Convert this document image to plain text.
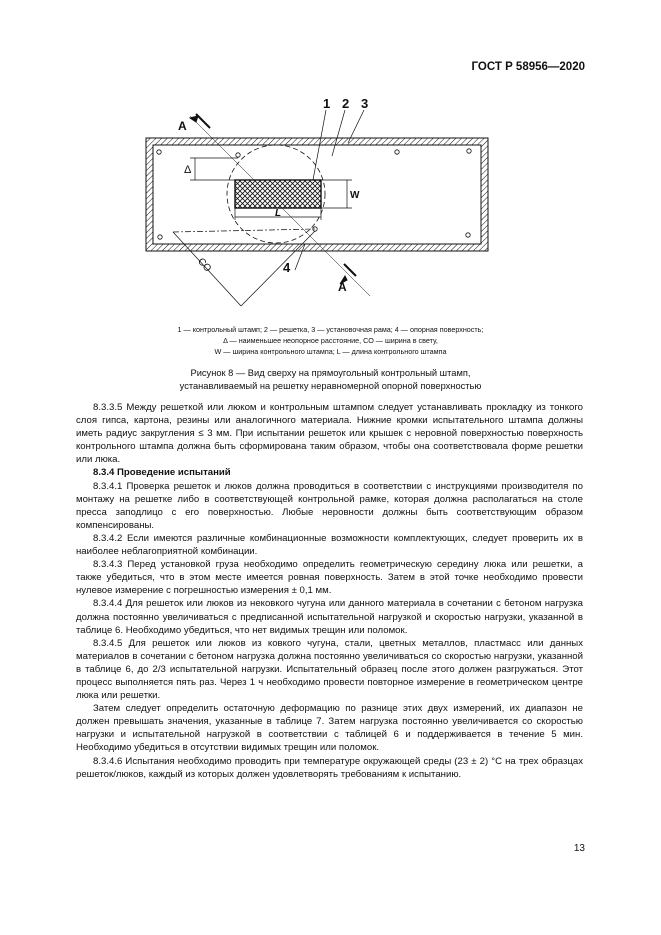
ГОСТ Р 58956—2020
1 2 3
4
А
А
Δ
W
L
СО
1 — контрольный штамп; 2 — решетка, 3 — установочная рама; 4 — опорная поверхность;
Δ — наименьшее неопорное расстояние, СО — ширина в свету,
W — ширина контрольного штампа; L — длина контрольного штампа
Рисунок 8 — Вид сверху на прямоугольный контрольный штамп,
устанавливаемый на решетку неравномерной опорной поверхностью

8.3.3.5 Между решеткой или люком и контрольным штампом следует устанавливать прокладку из тонкого слоя гипса, картона, резины или аналогичного материала. Нижние кромки испытательного штампа должны иметь радиус закругления ≤ 3 мм. При испытании решеток или крышек с неровной поверхностью поверхность контрольного штампа должна быть сформирована таким образом, чтобы она соответствовала форме решетки или люка.

8.3.4 Проведение испытаний

8.3.4.1 Проверка решеток и люков должна проводиться в соответствии с инструкциями производителя по монтажу на решетке либо в соответствующей контрольной рамке, которая должна располагаться на столе пресса заподлицо с его поверхностью. Любые неровности должны быть соответствующим образом компенсированы.

8.3.4.2 Если имеются различные комбинационные возможности комплектующих, следует проверить их в наиболее неблагоприятной комбинации.

8.3.4.3 Перед установкой груза необходимо определить геометрическую середину люка или решетки, а также убедиться, что в этом месте имеется ровная поверхность. Затем в этой точке необходимо провести нулевое измерение с погрешностью измерения ± 0,1 мм.

8.3.4.4 Для решеток или люков из нековкого чугуна или данного материала в сочетании с бетоном нагрузка должна постоянно увеличиваться с предписанной испытательной нагрузкой и скоростью нагрузки, указанной в таблице 6. Необходимо убедиться, что нет видимых трещин или поломок.

8.3.4.5 Для решеток или люков из ковкого чугуна, стали, цветных металлов, пластмасс или данных материалов в сочетании с бетоном нагрузка должна постоянно увеличиваться со скоростью нагрузки, указанной в таблице 6, до 2/3 испытательной нагрузки. Испытательный образец после этого должен разгружаться. Этот процесс выполняется пять раз. Через 1 ч необходимо провести повторное измерение в геометрическом центре люка или решетки.

Затем следует определить остаточную деформацию по разнице этих двух измерений, их диапазон не должен превышать значения, указанные в таблице 7. Затем нагрузка постоянно увеличивается со скоростью нагрузки и испытательной нагрузкой в соответствии с таблицей 6 и поддерживается в течение 5 мин. Необходимо убедиться в отсутствии видимых трещин или поломок.

8.3.4.6 Испытания необходимо проводить при температуре окружающей среды (23 ± 2) °С на трех образцах решеток/люков, каждый из которых должен удовлетворять требованиям к испытанию.

13
